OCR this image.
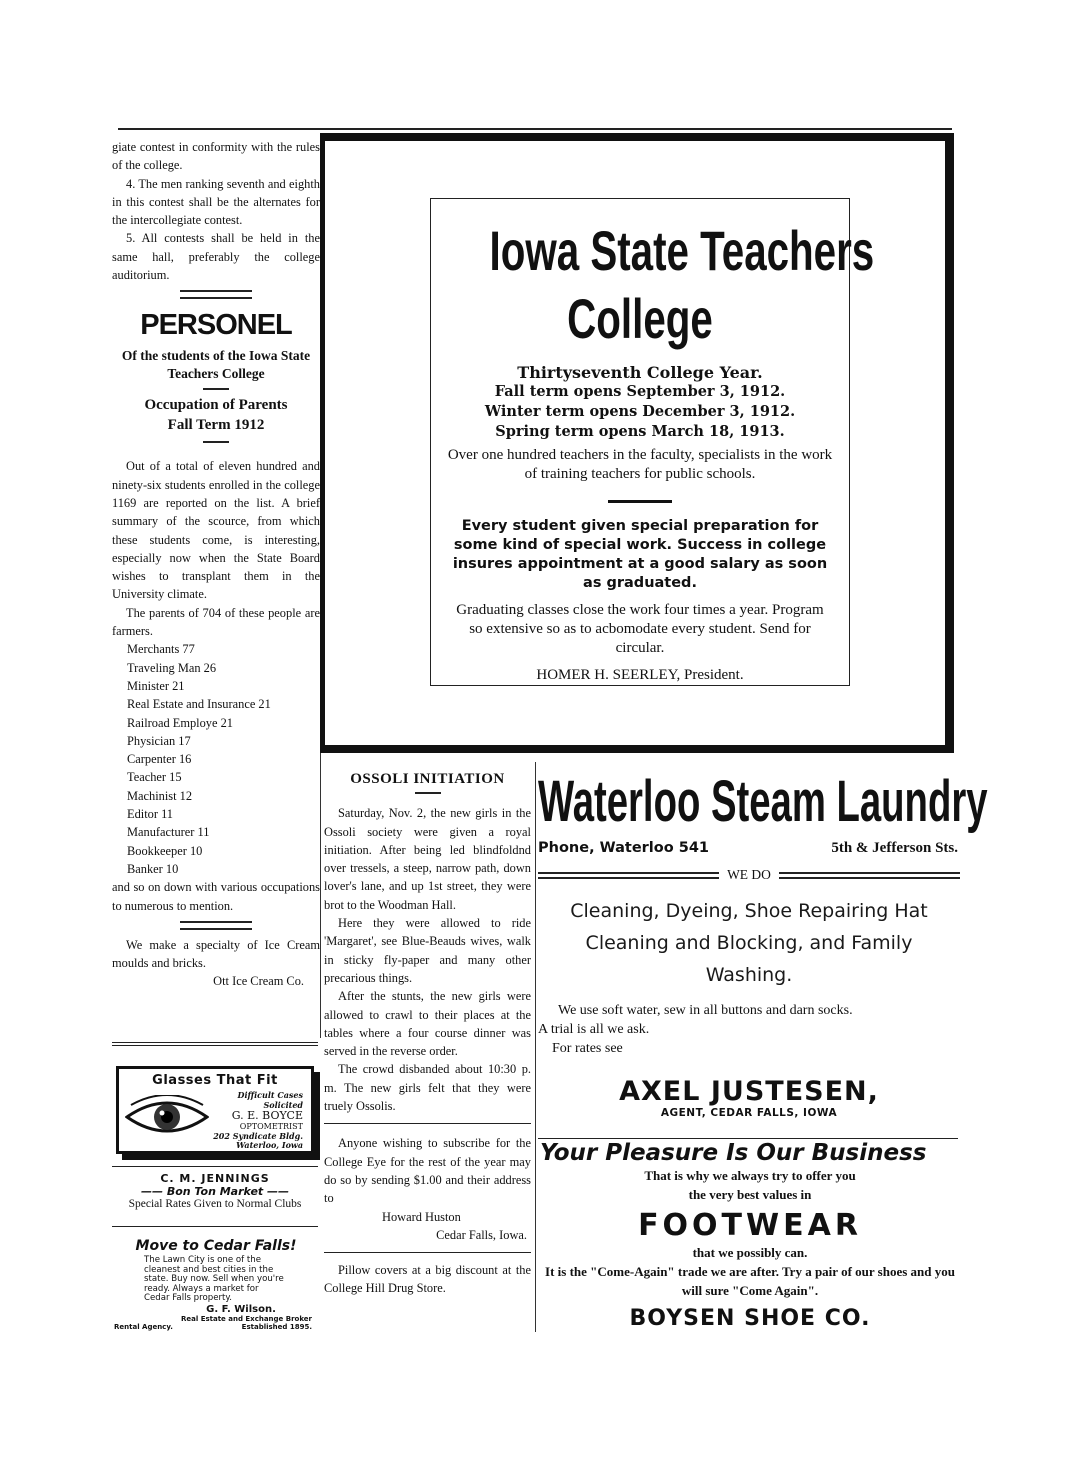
giate contest in conformity with the rules of the college.

4. The men ranking seventh and eighth in this contest shall be the alternates for the intercollegiate contest.

5. All contests shall be held in the same hall, preferably the college auditorium.

PERSONEL
Of the students of the Iowa State Teachers College
Occupation of Parents
Fall Term 1912

Out of a total of eleven hundred and ninety-six students enrolled in the college 1169 are reported on the list. A brief summary of the scource, from which these students come, is interesting, especially now when the State Board wishes to transplant them in the University climate.

The parents of 704 of these people are farmers.

Merchants 77
Traveling Man 26
Minister 21
Real Estate and Insurance 21
Railroad Employe 21
Physician 17
Carpenter 16
Teacher 15
Machinist 12
Editor 11
Manufacturer 11
Bookkeeper 10
Banker 10

and so on down with various occupations to numerous to mention.

We make a specialty of Ice Cream moulds and bricks.

Ott Ice Cream Co.

Glasses That Fit
Difficult Cases Solicited
G. E. BOYCE
OPTOMETRIST
202 Syndicate Bldg.
Waterloo, Iowa
C. M. JENNINGS
—— Bon Ton Market ——
Special Rates Given to Normal Clubs
Move to Cedar Falls!
The Lawn City is one of the cleanest and best cities in the state. Buy now. Sell when you're ready. Always a market for Cedar Falls property.
G. F. Wilson.
Real Estate and Exchange Broker
Rental Agency.	Established 1895.
Iowa State Teachers
College
Thirtyseventh College Year.
Fall term opens September 3, 1912.
Winter term opens December 3, 1912.
Spring term opens March 18, 1913.
Over one hundred teachers in the faculty, specialists in the work of training teachers for public schools.
Every student given special preparation for some kind of special work. Success in college insures appointment at a good salary as soon as graduated.
Graduating classes close the work four times a year. Program so extensive so as to acbomodate every student. Send for circular.
HOMER H. SEERLEY, President.
OSSOLI INITIATION

Saturday, Nov. 2, the new girls in the Ossoli society were given a royal initiation. After being led blindfoldnd over tressels, a steep, narrow path, down lover's lane, and up 1st street, they were brot to the Woodman Hall.

Here they were allowed to ride 'Margaret', see Blue-Beauds wives, walk in sticky fly-paper and many other precarious things.

After the stunts, the new girls were allowed to crawl to their places at the tables where a four course dinner was served in the reverse order.

The crowd disbanded about 10:30 p. m. The new girls felt that they were truely Ossolis.

Anyone wishing to subscribe for the College Eye for the rest of the year may do so by sending $1.00 and their address to

Howard Huston

Cedar Falls, Iowa.

Pillow covers at a big discount at the College Hill Drug Store.

Waterloo Steam Laundry
Phone, Waterloo 541	5th & Jefferson Sts.
WE DO
Cleaning, Dyeing, Shoe Repairing Hat Cleaning and Blocking, and Family Washing.
We use soft water, sew in all buttons and darn socks.
A trial is all we ask.
For rates see
AXEL JUSTESEN,
AGENT, CEDAR FALLS, IOWA
Your Pleasure Is Our Business
That is why we always try to offer you
the very best values in
FOOTWEAR
that we possibly can.
It is the "Come-Again" trade we are after. Try a pair of our shoes and you will sure "Come Again".
BOYSEN SHOE CO.
